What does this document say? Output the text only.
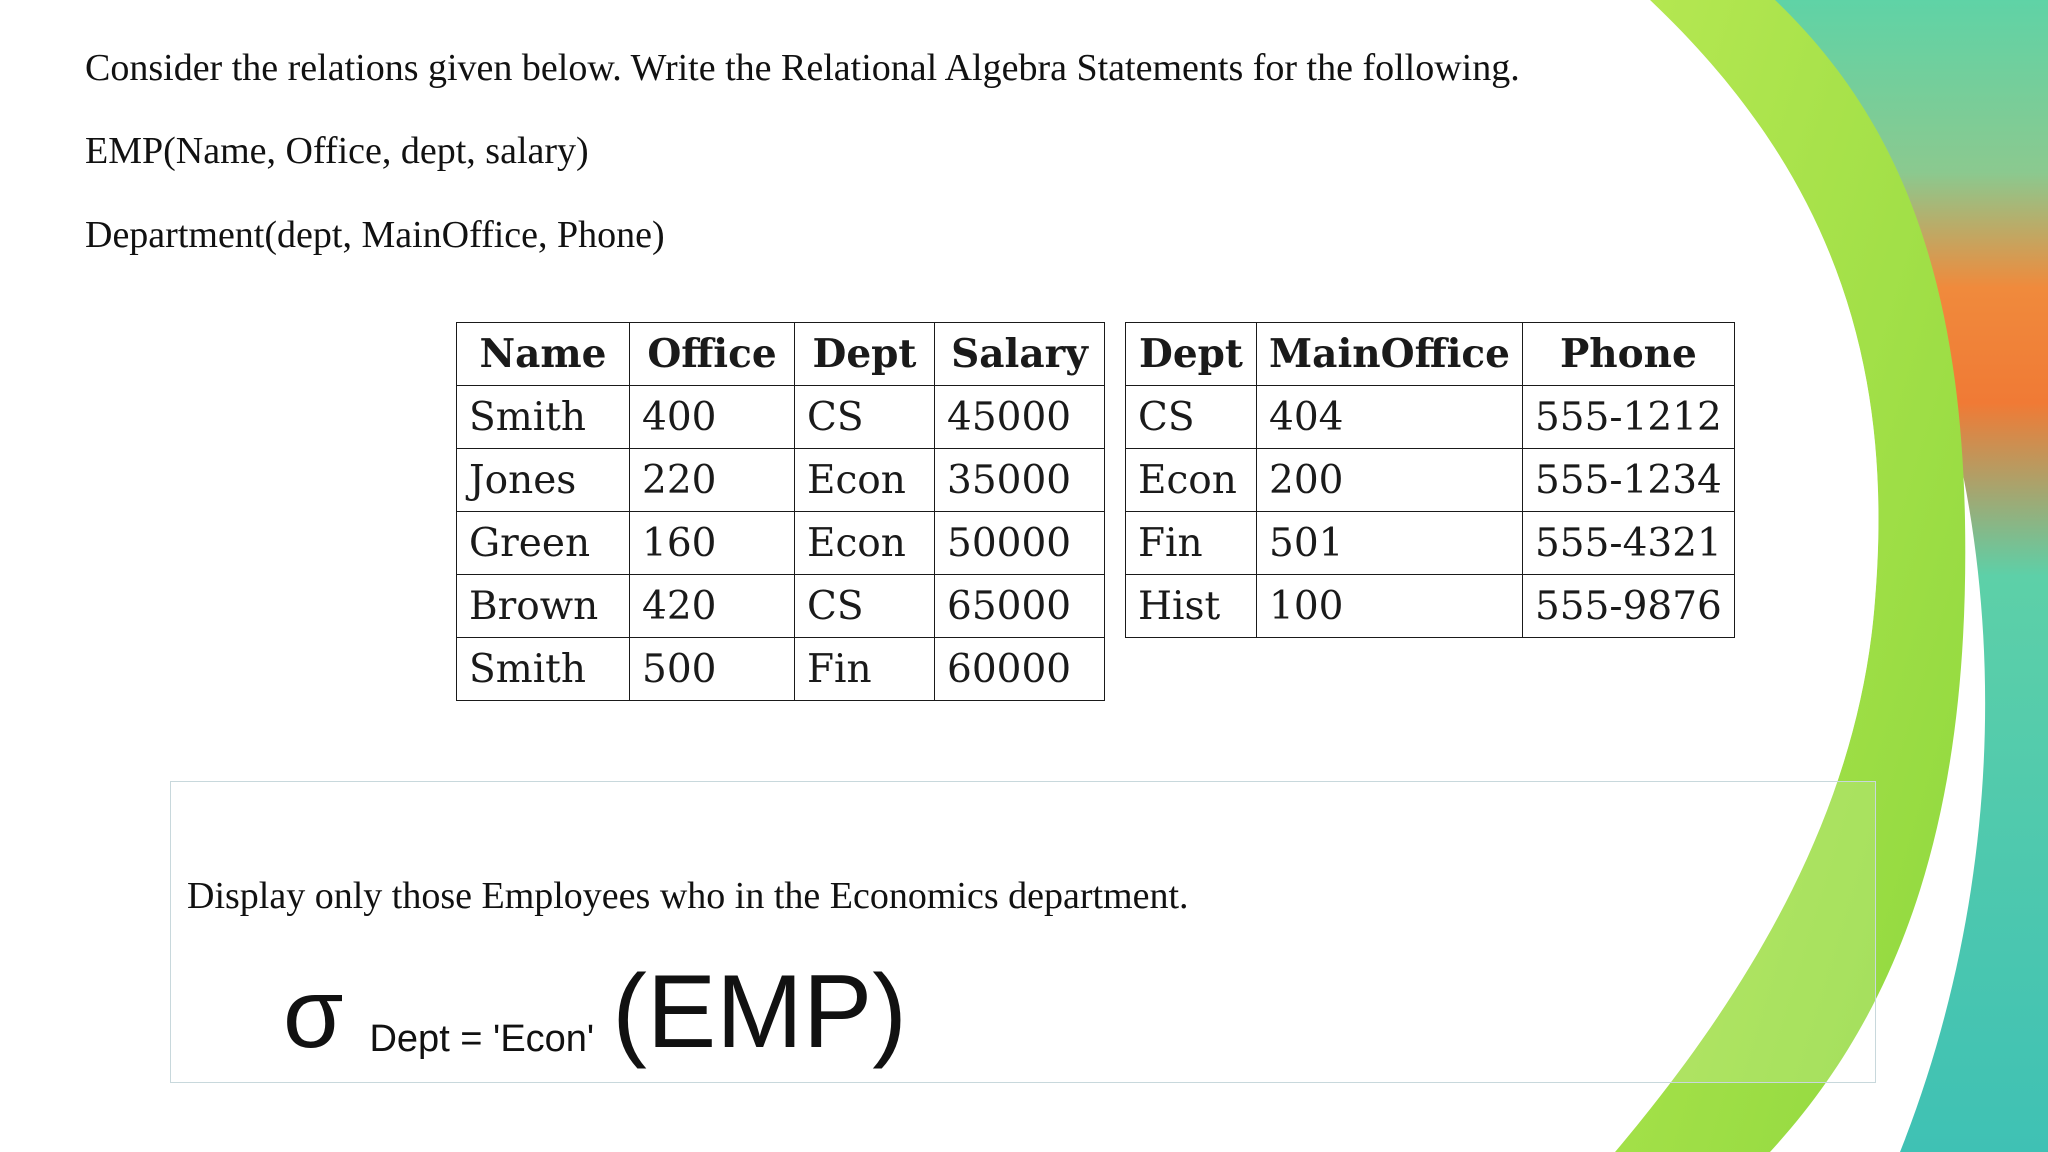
Consider the relations given below. Write the Relational Algebra Statements for the following.
EMP(Name, Office, dept, salary)
Department(dept, MainOffice, Phone)
Name	Office	Dept	Salary
Smith	400	CS	45000
Jones	220	Econ	35000
Green	160	Econ	50000
Brown	420	CS	65000
Smith	500	Fin	60000
Dept	MainOffice	Phone
CS	404	555-1212
Econ	200	555-1234
Fin	501	555-4321
Hist	100	555-9876
Display only those Employees who in the Economics department.
σ Dept = 'Econ' (EMP)
